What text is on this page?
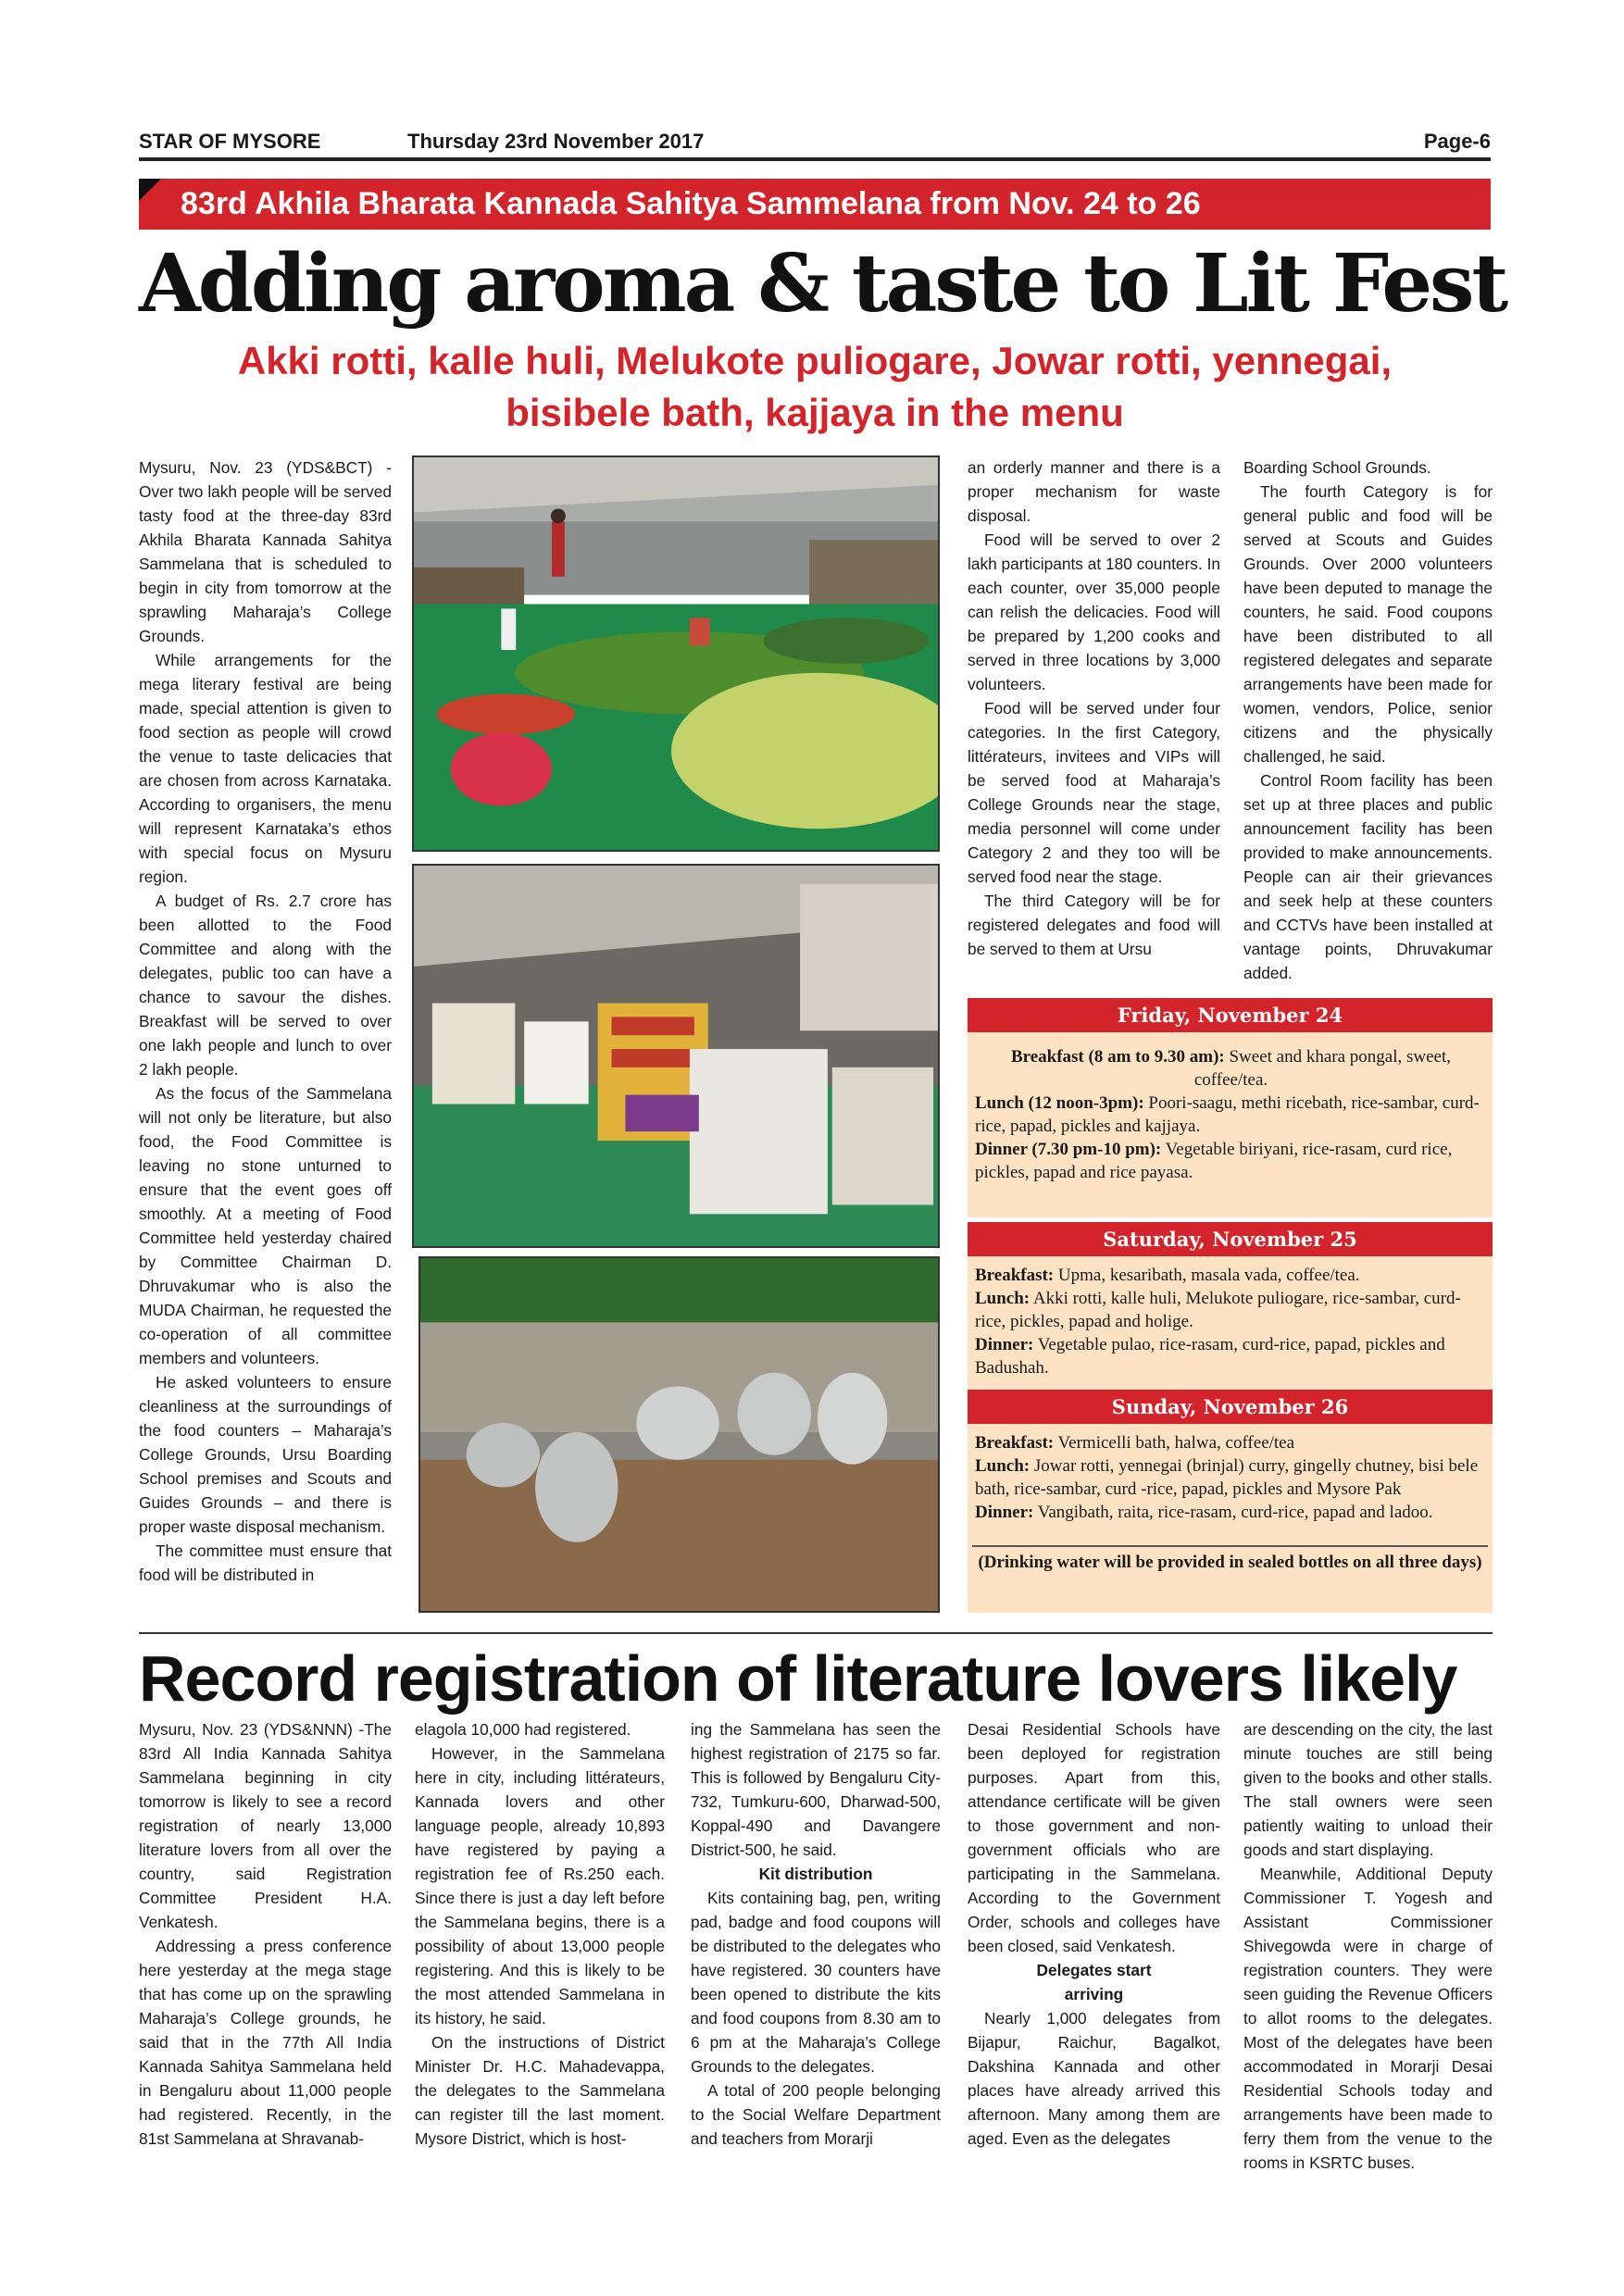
STAR OF MYSORE	Thursday 23rd November 2017	Page-6
83rd Akhila Bharata Kannada Sahitya Sammelana from Nov. 24 to 26
Adding aroma & taste to Lit Fest
Akki rotti, kalle huli, Melukote puliogare, Jowar rotti, yennegai,
bisibele bath, kajjaya in the menu

Mysuru, Nov. 23 (YDS&BCT) - Over two lakh people will be served tasty food at the three-day 83rd Akhila Bharata Kannada Sahitya Sammelana that is scheduled to begin in city from tomorrow at the sprawling Maharaja’s College Grounds.

While arrangements for the mega literary festival are being made, special attention is given to food section as people will crowd the venue to taste delicacies that are chosen from across Karnataka. According to organisers, the menu will represent Karnataka’s ethos with special focus on Mysuru region.

A budget of Rs. 2.7 crore has been allotted to the Food Committee and along with the delegates, public too can have a chance to savour the dishes. Breakfast will be served to over one lakh people and lunch to over 2 lakh people.

As the focus of the Sammelana will not only be literature, but also food, the Food Committee is leaving no stone unturned to ensure that the event goes off smoothly. At a meeting of Food Committee held yesterday chaired by Committee Chairman D. Dhruvakumar who is also the MUDA Chairman, he requested the co-operation of all committee members and volunteers.

He asked volunteers to ensure cleanliness at the surroundings of the food counters – Maharaja’s College Grounds, Ursu Boarding School premises and Scouts and Guides Grounds – and there is proper waste disposal mechanism.

The committee must ensure that food will be distributed in

an orderly manner and there is a proper mechanism for waste disposal.

Food will be served to over 2 lakh participants at 180 counters. In each counter, over 35,000 people can relish the delicacies. Food will be prepared by 1,200 cooks and served in three locations by 3,000 volunteers.

Food will be served under four categories. In the first Category, littérateurs, invitees and VIPs will be served food at Maharaja’s College Grounds near the stage, media personnel will come under Category 2 and they too will be served food near the stage.

The third Category will be for registered delegates and food will be served to them at Ursu

Boarding School Grounds.

The fourth Category is for general public and food will be served at Scouts and Guides Grounds. Over 2000 volunteers have been deputed to manage the counters, he said. Food coupons have been distributed to all registered delegates and separate arrangements have been made for women, vendors, Police, senior citizens and the physically challenged, he said.

Control Room facility has been set up at three places and public announcement facility has been provided to make announcements. People can air their grievances and seek help at these counters and CCTVs have been installed at vantage points, Dhruvakumar added.

Friday, November 24

Breakfast (8 am to 9.30 am): Sweet and khara pongal, sweet, coffee/tea.

Lunch (12 noon-3pm): Poori-saagu, methi ricebath, rice-sambar, curd-rice, papad, pickles and kajjaya.

Dinner (7.30 pm-10 pm): Vegetable biriyani, rice-rasam, curd rice, pickles, papad and rice payasa.

Saturday, November 25

Breakfast: Upma, kesaribath, masala vada, coffee/tea.

Lunch: Akki rotti, kalle huli, Melukote puliogare, rice-sambar, curd-rice, pickles, papad and holige.

Dinner: Vegetable pulao, rice-rasam, curd-rice, papad, pickles and Badushah.

Sunday, November 26

Breakfast: Vermicelli bath, halwa, coffee/tea

Lunch: Jowar rotti, yennegai (brinjal) curry, gingelly chutney, bisi bele bath, rice-sambar, curd -rice, papad, pickles and Mysore Pak

Dinner: Vangibath, raita, rice-rasam, curd-rice, papad and ladoo.

(Drinking water will be provided in sealed bottles on all three days)
Record registration of literature lovers likely

Mysuru, Nov. 23 (YDS&NNN) -The 83rd All India Kannada Sahitya Sammelana beginning in city tomorrow is likely to see a record registration of nearly 13,000 literature lovers from all over the country, said Registration Committee President H.A. Venkatesh.

Addressing a press conference here yesterday at the mega stage that has come up on the sprawling Maharaja’s College grounds, he said that in the 77th All India Kannada Sahitya Sammelana held in Bengaluru about 11,000 people had registered. Recently, in the 81st Sammelana at Shravanab-

elagola 10,000 had registered.

However, in the Sammelana here in city, including littérateurs, Kannada lovers and other language people, already 10,893 have registered by paying a registration fee of Rs.250 each. Since there is just a day left before the Sammelana begins, there is a possibility of about 13,000 people registering. And this is likely to be the most attended Sammelana in its history, he said.

On the instructions of District Minister Dr. H.C. Mahadevappa, the delegates to the Sammelana can register till the last moment. Mysore District, which is host-

ing the Sammelana has seen the highest registration of 2175 so far. This is followed by Bengaluru City-732, Tumkuru-600, Dharwad-500, Koppal-490 and Davangere District-500, he said.

Kit distribution

Kits containing bag, pen, writing pad, badge and food coupons will be distributed to the delegates who have registered. 30 counters have been opened to distribute the kits and food coupons from 8.30 am to 6 pm at the Maharaja’s College Grounds to the delegates.

A total of 200 people belonging to the Social Welfare Department and teachers from Morarji

Desai Residential Schools have been deployed for registration purposes. Apart from this, attendance certificate will be given to those government and non-government officials who are participating in the Sammelana. According to the Government Order, schools and colleges have been closed, said Venkatesh.

Delegates start

arriving

Nearly 1,000 delegates from Bijapur, Raichur, Bagalkot, Dakshina Kannada and other places have already arrived this afternoon. Many among them are aged. Even as the delegates

are descending on the city, the last minute touches are still being given to the books and other stalls. The stall owners were seen patiently waiting to unload their goods and start displaying.

Meanwhile, Additional Deputy Commissioner T. Yogesh and Assistant Commissioner Shivegowda were in charge of registration counters. They were seen guiding the Revenue Officers to allot rooms to the delegates. Most of the delegates have been accommodated in Morarji Desai Residential Schools today and arrangements have been made to ferry them from the venue to the rooms in KSRTC buses.
